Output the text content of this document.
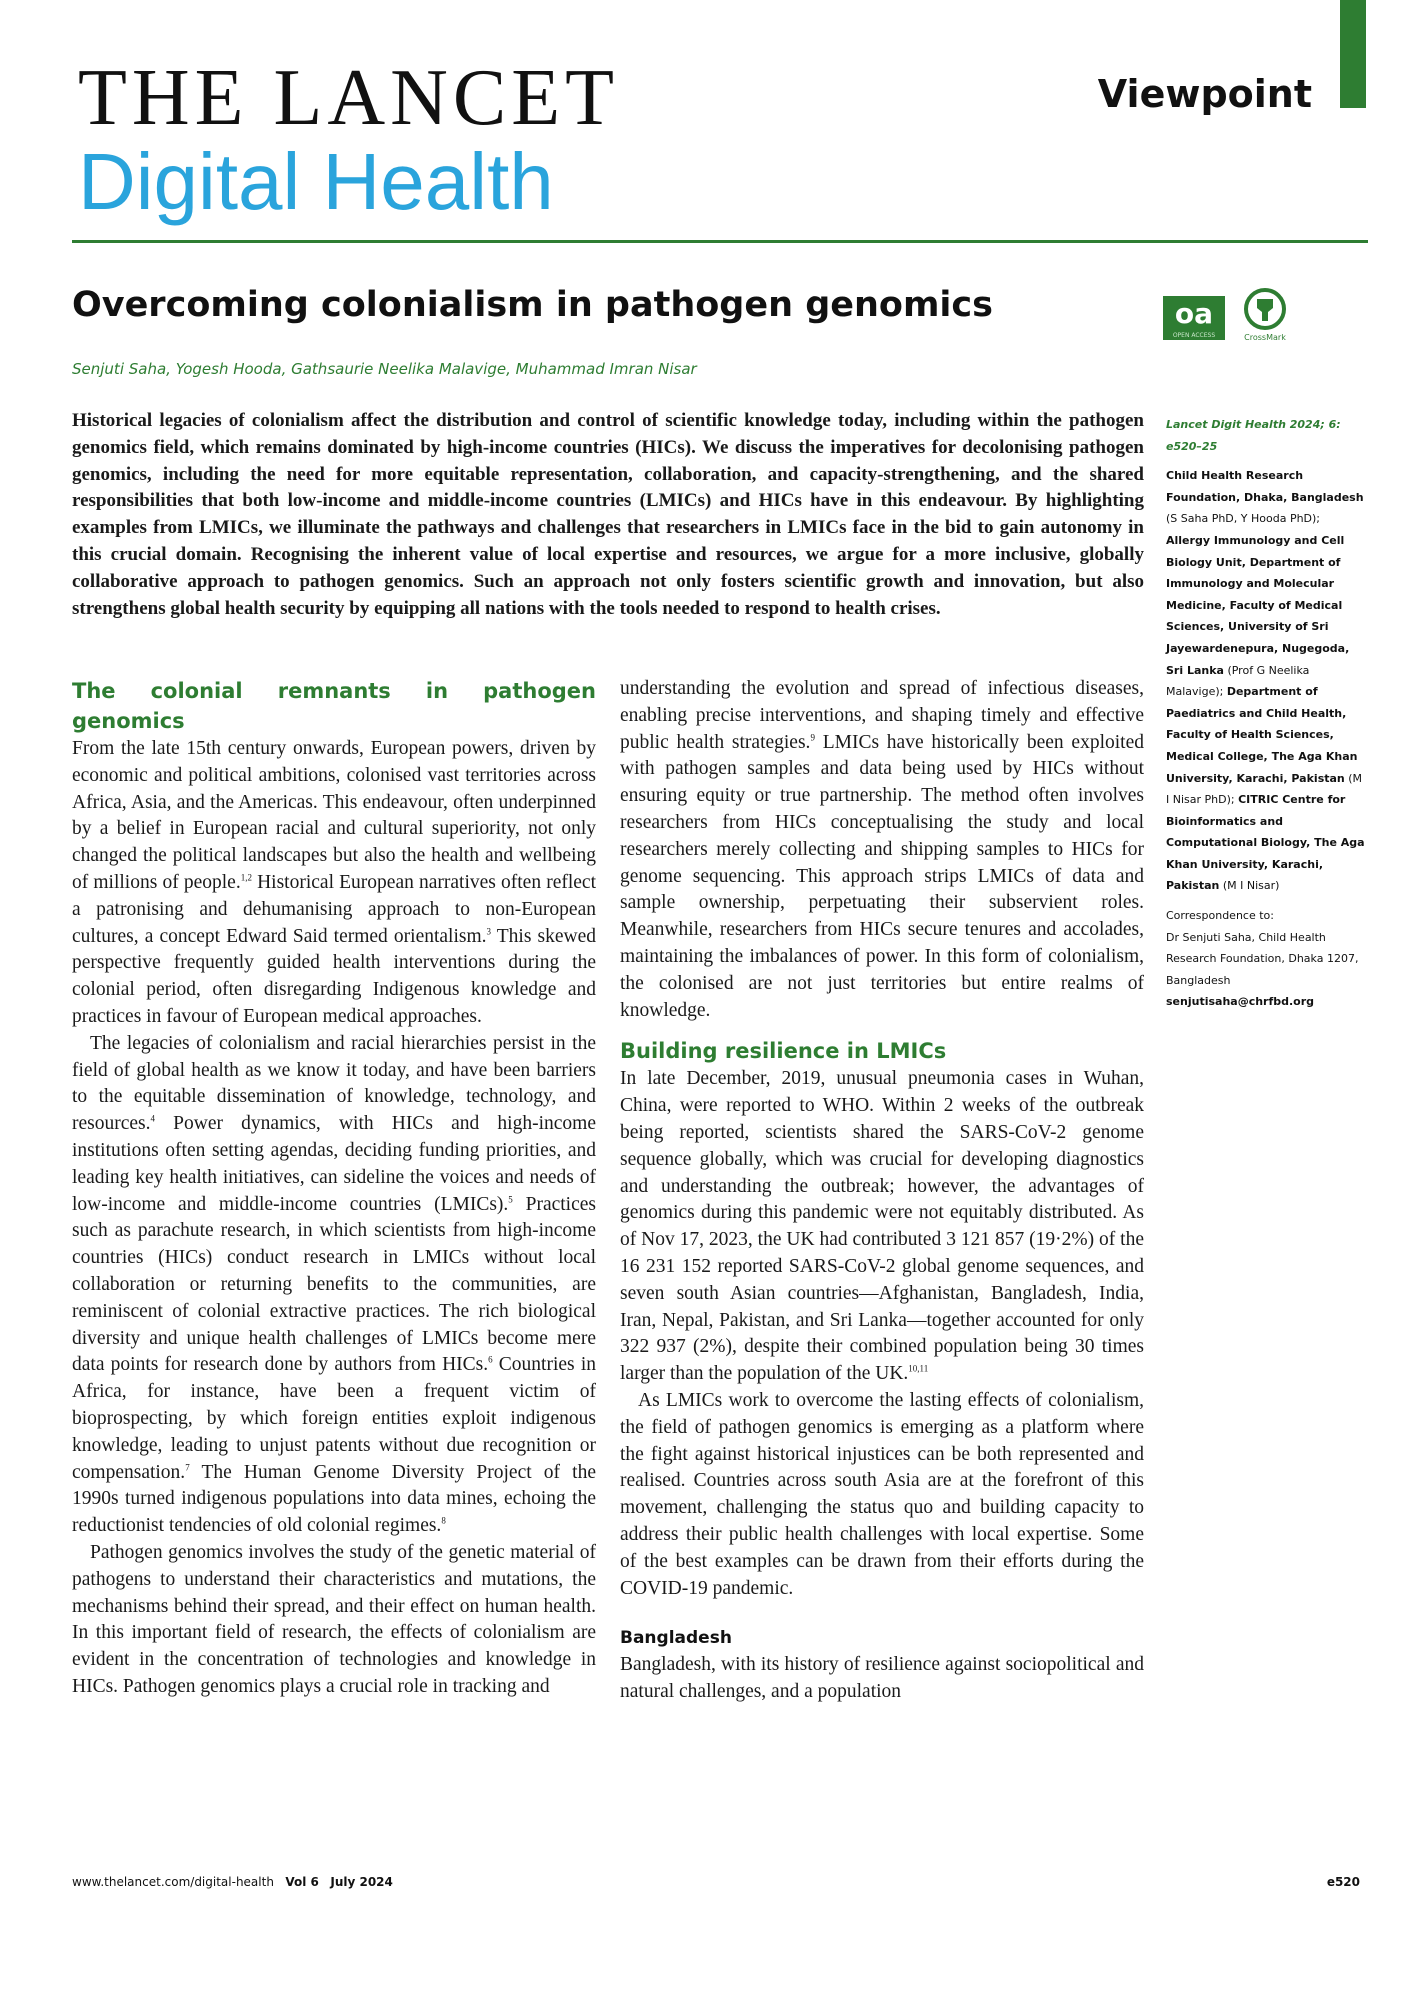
THE LANCET
Digital Health
Viewpoint
Overcoming colonialism in pathogen genomics	oa
OPEN ACCESS	CrossMark
Senjuti Saha, Yogesh Hooda, Gathsaurie Neelika Malavige, Muhammad Imran Nisar

Historical legacies of colonialism affect the distribution and control of scientific knowledge today, including within the pathogen genomics field, which remains dominated by high-income countries (HICs). We discuss the imperatives for decolonising pathogen genomics, including the need for more equitable representation, collaboration, and capacity-strengthening, and the shared responsibilities that both low-income and middle-income countries (LMICs) and HICs have in this endeavour. By highlighting examples from LMICs, we illuminate the pathways and challenges that researchers in LMICs face in the bid to gain autonomy in this crucial domain. Recognising the inherent value of local expertise and resources, we argue for a more inclusive, globally collaborative approach to pathogen genomics. Such an approach not only fosters scientific growth and innovation, but also strengthens global health security by equipping all nations with the tools needed to respond to health crises.

Lancet Digit Health 2024; 6: e520–25

Child Health Research Foundation, Dhaka, Bangladesh (S Saha PhD, Y Hooda PhD); Allergy Immunology and Cell Biology Unit, Department of Immunology and Molecular Medicine, Faculty of Medical Sciences, University of Sri Jayewardenepura, Nugegoda, Sri Lanka (Prof G Neelika Malavige); Department of Paediatrics and Child Health, Faculty of Health Sciences, Medical College, The Aga Khan University, Karachi, Pakistan (M I Nisar PhD); CITRIC Centre for Bioinformatics and Computational Biology, The Aga Khan University, Karachi, Pakistan (M I Nisar)

Correspondence to:

Dr Senjuti Saha, Child Health Research Foundation, Dhaka 1207, Bangladesh

senjutisaha@chrfbd.org

The colonial remnants in pathogen genomics

From the late 15th century onwards, European powers, driven by economic and political ambitions, colonised vast territories across Africa, Asia, and the Americas. This endeavour, often underpinned by a belief in European racial and cultural superiority, not only changed the political landscapes but also the health and wellbeing of millions of people.$^{1,2}$ Historical European narratives often reflect a patronising and dehumanising approach to non-European cultures, a concept Edward Said termed orientalism.$^3$ This skewed perspective frequently guided health interventions during the colonial period, often disregarding Indigenous knowledge and practices in favour of European medical approaches.

The legacies of colonialism and racial hierarchies persist in the field of global health as we know it today, and have been barriers to the equitable dissemination of knowledge, technology, and resources.$^4$ Power dynamics, with HICs and high-income institutions often setting agendas, deciding funding priorities, and leading key health initiatives, can sideline the voices and needs of low-income and middle-income countries (LMICs).$^5$ Practices such as parachute research, in which scientists from high-income countries (HICs) conduct research in LMICs without local collaboration or returning benefits to the communities, are reminiscent of colonial extractive practices. The rich biological diversity and unique health challenges of LMICs become mere data points for research done by authors from HICs.$^6$ Countries in Africa, for instance, have been a frequent victim of bioprospecting, by which foreign entities exploit indigenous knowledge, leading to unjust patents without due recognition or compensation.$^7$ The Human Genome Diversity Project of the 1990s turned indigenous populations into data mines, echoing the reductionist tendencies of old colonial regimes.$^8$

Pathogen genomics involves the study of the genetic material of pathogens to understand their characteristics and mutations, the mechanisms behind their spread, and their effect on human health. In this important field of research, the effects of colonialism are evident in the concentration of technologies and knowledge in HICs. Pathogen genomics plays a crucial role in tracking and

understanding the evolution and spread of infectious diseases, enabling precise interventions, and shaping timely and effective public health strategies.$^9$ LMICs have historically been exploited with pathogen samples and data being used by HICs without ensuring equity or true partnership. The method often involves researchers from HICs conceptualising the study and local researchers merely collecting and shipping samples to HICs for genome sequencing. This approach strips LMICs of data and sample ownership, perpetuating their subservient roles. Meanwhile, researchers from HICs secure tenures and accolades, maintaining the imbalances of power. In this form of colonialism, the colonised are not just territories but entire realms of knowledge.

Building resilience in LMICs

In late December, 2019, unusual pneumonia cases in Wuhan, China, were reported to WHO. Within 2 weeks of the outbreak being reported, scientists shared the SARS-CoV-2 genome sequence globally, which was crucial for developing diagnostics and understanding the outbreak; however, the advantages of genomics during this pandemic were not equitably distributed. As of Nov 17, 2023, the UK had contributed 3 121 857 (19·2%) of the 16 231 152 reported SARS-CoV-2 global genome sequences, and seven south Asian countries—Afghanistan, Bangladesh, India, Iran, Nepal, Pakistan, and Sri Lanka—together accounted for only 322 937 (2%), despite their combined population being 30 times larger than the population of the UK.$^{10,11}$

As LMICs work to overcome the lasting effects of colonialism, the field of pathogen genomics is emerging as a platform where the fight against historical injustices can be both represented and realised. Countries across south Asia are at the forefront of this movement, challenging the status quo and building capacity to address their public health challenges with local expertise. Some of the best examples can be drawn from their efforts during the COVID-19 pandemic.

Bangladesh

Bangladesh, with its history of resilience against sociopolitical and natural challenges, and a population

www.thelancet.com/digital-health Vol 6 July 2024	e520
